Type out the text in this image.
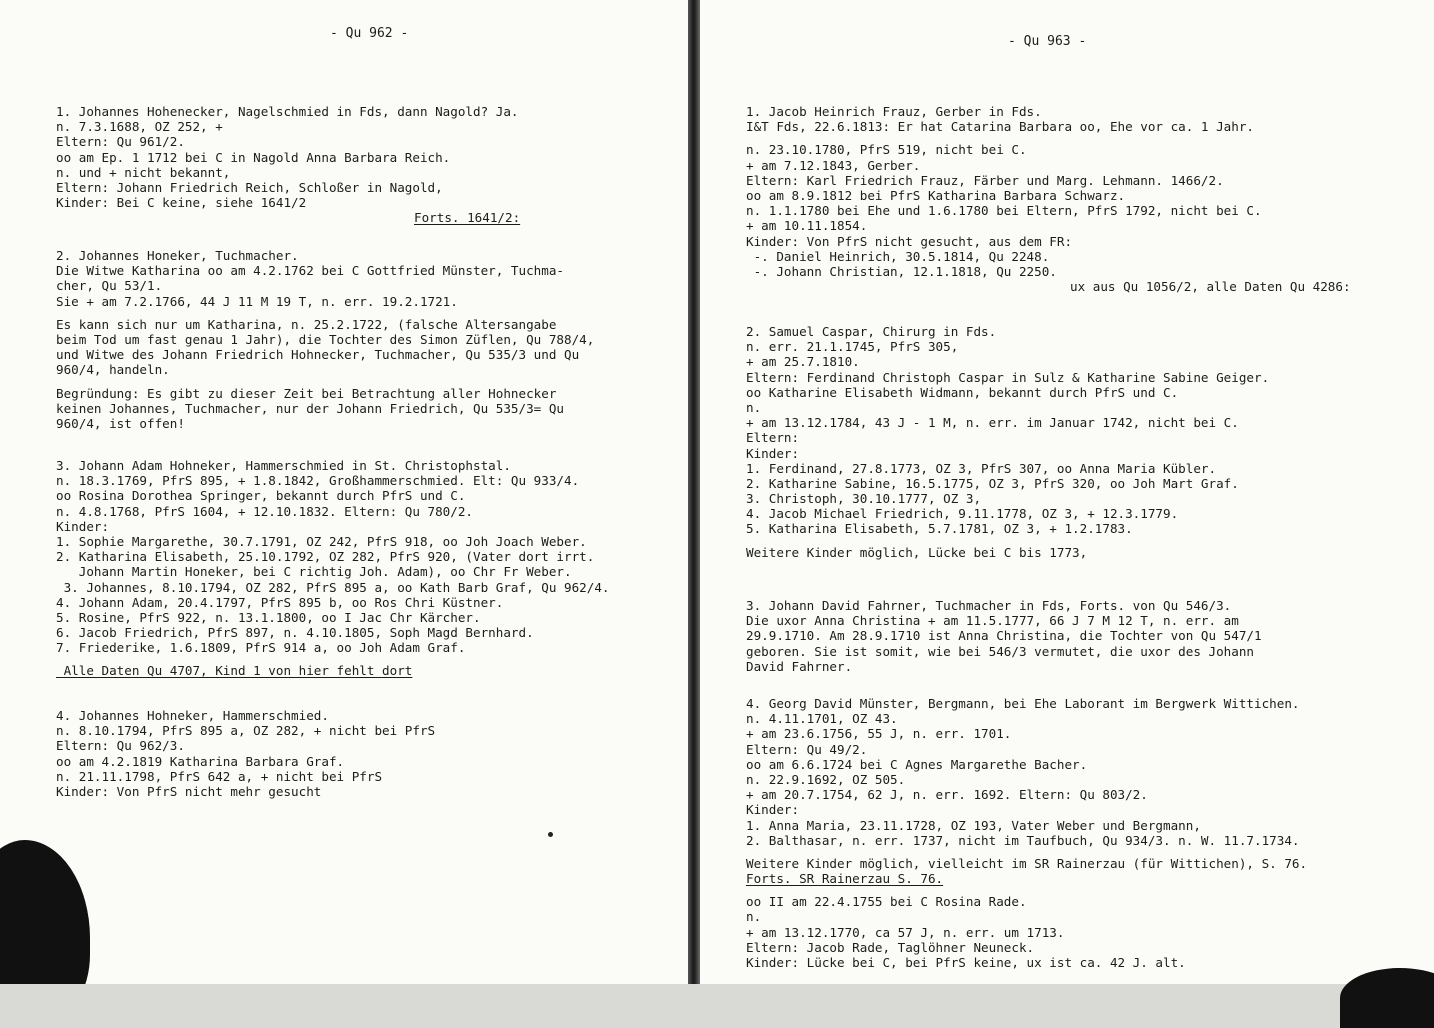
- Qu 962 -
1. Johannes Hohenecker, Nagelschmied in Fds, dann Nagold? Ja.
n. 7.3.1688, OZ 252, +
Eltern: Qu 961/2.
oo am Ep. 1 1712 bei C in Nagold Anna Barbara Reich.
n. und + nicht bekannt,
Eltern: Johann Friedrich Reich, Schloßer in Nagold,
Kinder: Bei C keine, siehe 1641/2
Forts. 1641/2:
2. Johannes Honeker, Tuchmacher.
Die Witwe Katharina oo am 4.2.1762 bei C Gottfried Münster, Tuchma-
cher, Qu 53/1.
Sie + am 7.2.1766, 44 J 11 M 19 T, n. err. 19.2.1721.
Es kann sich nur um Katharina, n. 25.2.1722, (falsche Altersangabe
beim Tod um fast genau 1 Jahr), die Tochter des Simon Züflen, Qu 788/4,
und Witwe des Johann Friedrich Hohnecker, Tuchmacher, Qu 535/3 und Qu
960/4, handeln.
Begründung: Es gibt zu dieser Zeit bei Betrachtung aller Hohnecker
keinen Johannes, Tuchmacher, nur der Johann Friedrich, Qu 535/3= Qu
960/4, ist offen!
3. Johann Adam Hohneker, Hammerschmied in St. Christophstal.
n. 18.3.1769, PfrS 895, + 1.8.1842, Großhammerschmied. Elt: Qu 933/4.
oo Rosina Dorothea Springer, bekannt durch PfrS und C.
n. 4.8.1768, PfrS 1604, + 12.10.1832. Eltern: Qu 780/2.
Kinder:
1. Sophie Margarethe, 30.7.1791, OZ 242, PfrS 918, oo Joh Joach Weber.
2. Katharina Elisabeth, 25.10.1792, OZ 282, PfrS 920, (Vater dort irrt.
Johann Martin Honeker, bei C richtig Joh. Adam), oo Chr Fr Weber.
3. Johannes, 8.10.1794, OZ 282, PfrS 895 a, oo Kath Barb Graf, Qu 962/4.
4. Johann Adam, 20.4.1797, PfrS 895 b, oo Ros Chri Küstner.
5. Rosine, PfrS 922, n. 13.1.1800, oo I Jac Chr Kärcher.
6. Jacob Friedrich, PfrS 897, n. 4.10.1805, Soph Magd Bernhard.
7. Friederike, 1.6.1809, PfrS 914 a, oo Joh Adam Graf.
Alle Daten Qu 4707, Kind 1 von hier fehlt dort
4. Johannes Hohneker, Hammerschmied.
n. 8.10.1794, PfrS 895 a, OZ 282, + nicht bei PfrS
Eltern: Qu 962/3.
oo am 4.2.1819 Katharina Barbara Graf.
n. 21.11.1798, PfrS 642 a, + nicht bei PfrS
Kinder: Von PfrS nicht mehr gesucht
- Qu 963 -
1. Jacob Heinrich Frauz, Gerber in Fds.
I&T Fds, 22.6.1813: Er hat Catarina Barbara oo, Ehe vor ca. 1 Jahr.
n. 23.10.1780, PfrS 519, nicht bei C.
+ am 7.12.1843, Gerber.
Eltern: Karl Friedrich Frauz, Färber und Marg. Lehmann. 1466/2.
oo am 8.9.1812 bei PfrS Katharina Barbara Schwarz.
n. 1.1.1780 bei Ehe und 1.6.1780 bei Eltern, PfrS 1792, nicht bei C.
+ am 10.11.1854.
Kinder: Von PfrS nicht gesucht, aus dem FR:
-. Daniel Heinrich, 30.5.1814, Qu 2248.
-. Johann Christian, 12.1.1818, Qu 2250.
ux aus Qu 1056/2, alle Daten Qu 4286:
2. Samuel Caspar, Chirurg in Fds.
n. err. 21.1.1745, PfrS 305,
+ am 25.7.1810.
Eltern: Ferdinand Christoph Caspar in Sulz & Katharine Sabine Geiger.
oo Katharine Elisabeth Widmann, bekannt durch PfrS und C.
n.
+ am 13.12.1784, 43 J - 1 M, n. err. im Januar 1742, nicht bei C.
Eltern:
Kinder:
1. Ferdinand, 27.8.1773, OZ 3, PfrS 307, oo Anna Maria Kübler.
2. Katharine Sabine, 16.5.1775, OZ 3, PfrS 320, oo Joh Mart Graf.
3. Christoph, 30.10.1777, OZ 3,
4. Jacob Michael Friedrich, 9.11.1778, OZ 3, + 12.3.1779.
5. Katharina Elisabeth, 5.7.1781, OZ 3, + 1.2.1783.
Weitere Kinder möglich, Lücke bei C bis 1773,
3. Johann David Fahrner, Tuchmacher in Fds, Forts. von Qu 546/3.
Die uxor Anna Christina + am 11.5.1777, 66 J 7 M 12 T, n. err. am
29.9.1710. Am 28.9.1710 ist Anna Christina, die Tochter von Qu 547/1
geboren. Sie ist somit, wie bei 546/3 vermutet, die uxor des Johann
David Fahrner.
4. Georg David Münster, Bergmann, bei Ehe Laborant im Bergwerk Wittichen.
n. 4.11.1701, OZ 43.
+ am 23.6.1756, 55 J, n. err. 1701.
Eltern: Qu 49/2.
oo am 6.6.1724 bei C Agnes Margarethe Bacher.
n. 22.9.1692, OZ 505.
+ am 20.7.1754, 62 J, n. err. 1692. Eltern: Qu 803/2.
Kinder:
1. Anna Maria, 23.11.1728, OZ 193, Vater Weber und Bergmann,
2. Balthasar, n. err. 1737, nicht im Taufbuch, Qu 934/3. n. W. 11.7.1734.
Weitere Kinder möglich, vielleicht im SR Rainerzau (für Wittichen), S. 76.
Forts. SR Rainerzau S. 76.
oo II am 22.4.1755 bei C Rosina Rade.
n.
+ am 13.12.1770, ca 57 J, n. err. um 1713.
Eltern: Jacob Rade, Taglöhner Neuneck.
Kinder: Lücke bei C, bei PfrS keine, ux ist ca. 42 J. alt.
